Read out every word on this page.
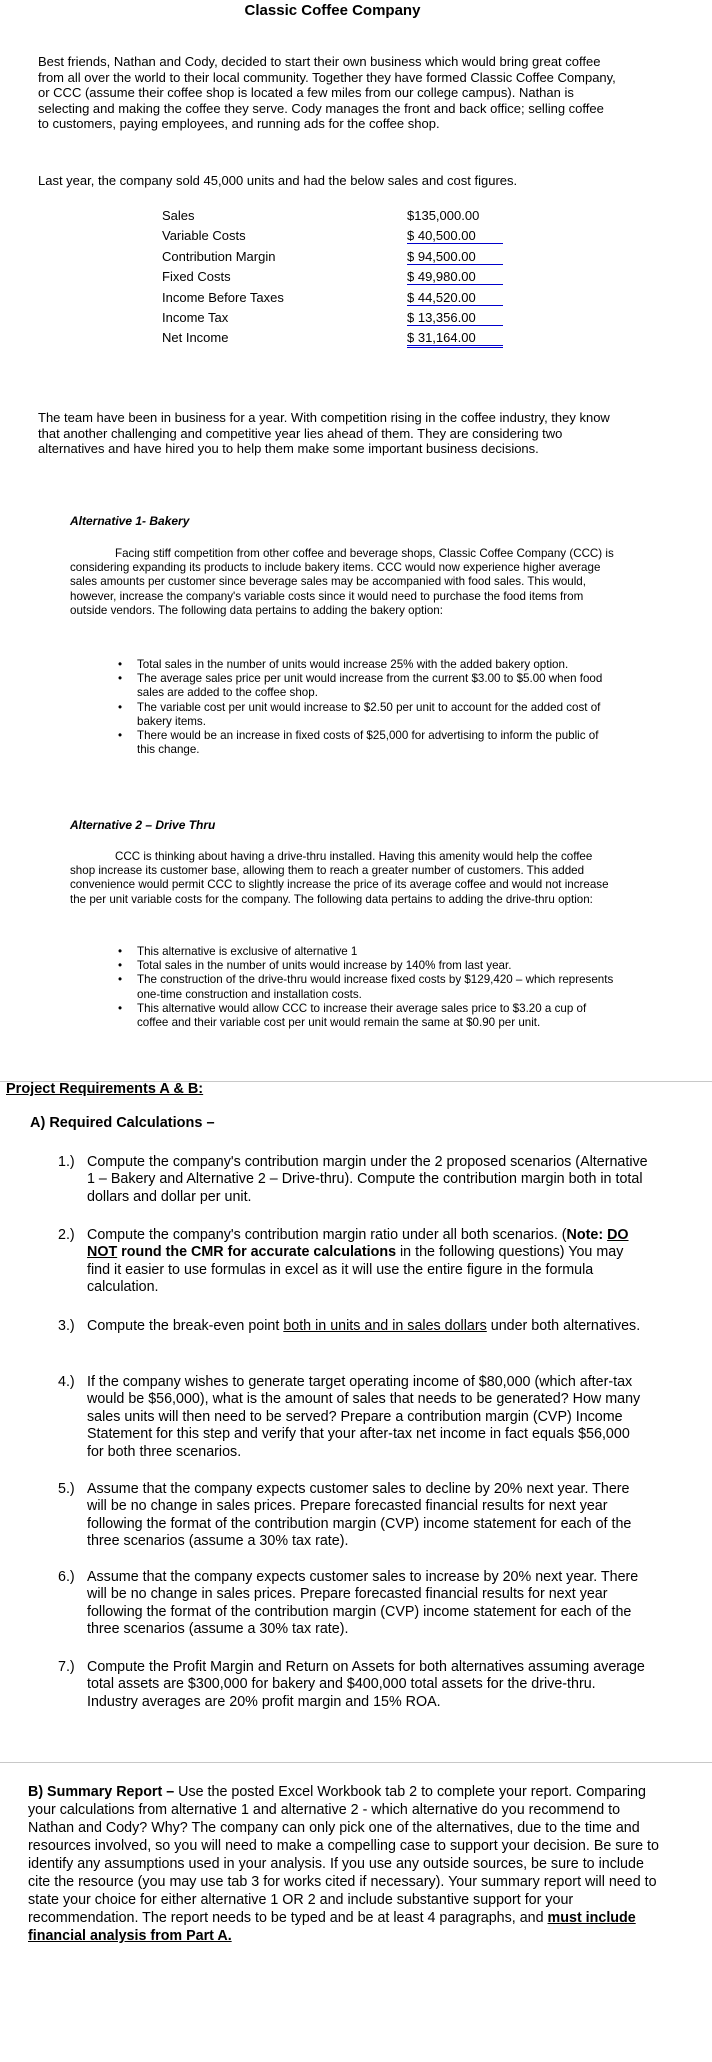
Classic Coffee Company

Best friends, Nathan and Cody, decided to start their own business which would bring great coffee from all over the world to their local community. Together they have formed Classic Coffee Company, or CCC (assume their coffee shop is located a few miles from our college campus). Nathan is selecting and making the coffee they serve. Cody manages the front and back office; selling coffee to customers, paying employees, and running ads for the coffee shop.

Last year, the company sold 45,000 units and had the below sales and cost figures.

Sales	$135,000.00
Variable Costs	$ 40,500.00
Contribution Margin	$ 94,500.00
Fixed Costs	$ 49,980.00
Income Before Taxes	$ 44,520.00
Income Tax	$ 13,356.00
Net Income	$ 31,164.00

The team have been in business for a year. With competition rising in the coffee industry, they know that another challenging and competitive year lies ahead of them. They are considering two alternatives and have hired you to help them make some important business decisions.

Alternative 1- Bakery

Facing stiff competition from other coffee and beverage shops, Classic Coffee Company (CCC) is considering expanding its products to include bakery items. CCC would now experience higher average sales amounts per customer since beverage sales may be accompanied with food sales. This would, however, increase the company's variable costs since it would need to purchase the food items from outside vendors. The following data pertains to adding the bakery option:

• Total sales in the number of units would increase 25% with the added bakery option.
• The average sales price per unit would increase from the current $3.00 to $5.00 when food sales are added to the coffee shop.
• The variable cost per unit would increase to $2.50 per unit to account for the added cost of bakery items.
• There would be an increase in fixed costs of $25,000 for advertising to inform the public of this change.
Alternative 2 – Drive Thru

CCC is thinking about having a drive-thru installed. Having this amenity would help the coffee shop increase its customer base, allowing them to reach a greater number of customers. This added convenience would permit CCC to slightly increase the price of its average coffee and would not increase the per unit variable costs for the company. The following data pertains to adding the drive-thru option:

• This alternative is exclusive of alternative 1
• Total sales in the number of units would increase by 140% from last year.
• The construction of the drive-thru would increase fixed costs by $129,420 – which represents one-time construction and installation costs.
• This alternative would allow CCC to increase their average sales price to $3.20 a cup of coffee and their variable cost per unit would remain the same at $0.90 per unit.
Project Requirements A & B:
A) Required Calculations –
1.) Compute the company's contribution margin under the 2 proposed scenarios (Alternative 1 – Bakery and Alternative 2 – Drive-thru). Compute the contribution margin both in total dollars and dollar per unit.
2.) Compute the company's contribution margin ratio under all both scenarios. (Note: DO NOT round the CMR for accurate calculations in the following questions) You may find it easier to use formulas in excel as it will use the entire figure in the formula calculation.
3.) Compute the break-even point both in units and in sales dollars under both alternatives.
4.) If the company wishes to generate target operating income of $80,000 (which after-tax would be $56,000), what is the amount of sales that needs to be generated? How many sales units will then need to be served? Prepare a contribution margin (CVP) Income Statement for this step and verify that your after-tax net income in fact equals $56,000 for both three scenarios.
5.) Assume that the company expects customer sales to decline by 20% next year. There will be no change in sales prices. Prepare forecasted financial results for next year following the format of the contribution margin (CVP) income statement for each of the three scenarios (assume a 30% tax rate).
6.) Assume that the company expects customer sales to increase by 20% next year. There will be no change in sales prices. Prepare forecasted financial results for next year following the format of the contribution margin (CVP) income statement for each of the three scenarios (assume a 30% tax rate).
7.) Compute the Profit Margin and Return on Assets for both alternatives assuming average total assets are $300,000 for bakery and $400,000 total assets for the drive-thru. Industry averages are 20% profit margin and 15% ROA.

B) Summary Report – Use the posted Excel Workbook tab 2 to complete your report. Comparing your calculations from alternative 1 and alternative 2 - which alternative do you recommend to Nathan and Cody? Why? The company can only pick one of the alternatives, due to the time and resources involved, so you will need to make a compelling case to support your decision. Be sure to identify any assumptions used in your analysis. If you use any outside sources, be sure to include cite the resource (you may use tab 3 for works cited if necessary). Your summary report will need to state your choice for either alternative 1 OR 2 and include substantive support for your recommendation. The report needs to be typed and be at least 4 paragraphs, and must include financial analysis from Part A.
